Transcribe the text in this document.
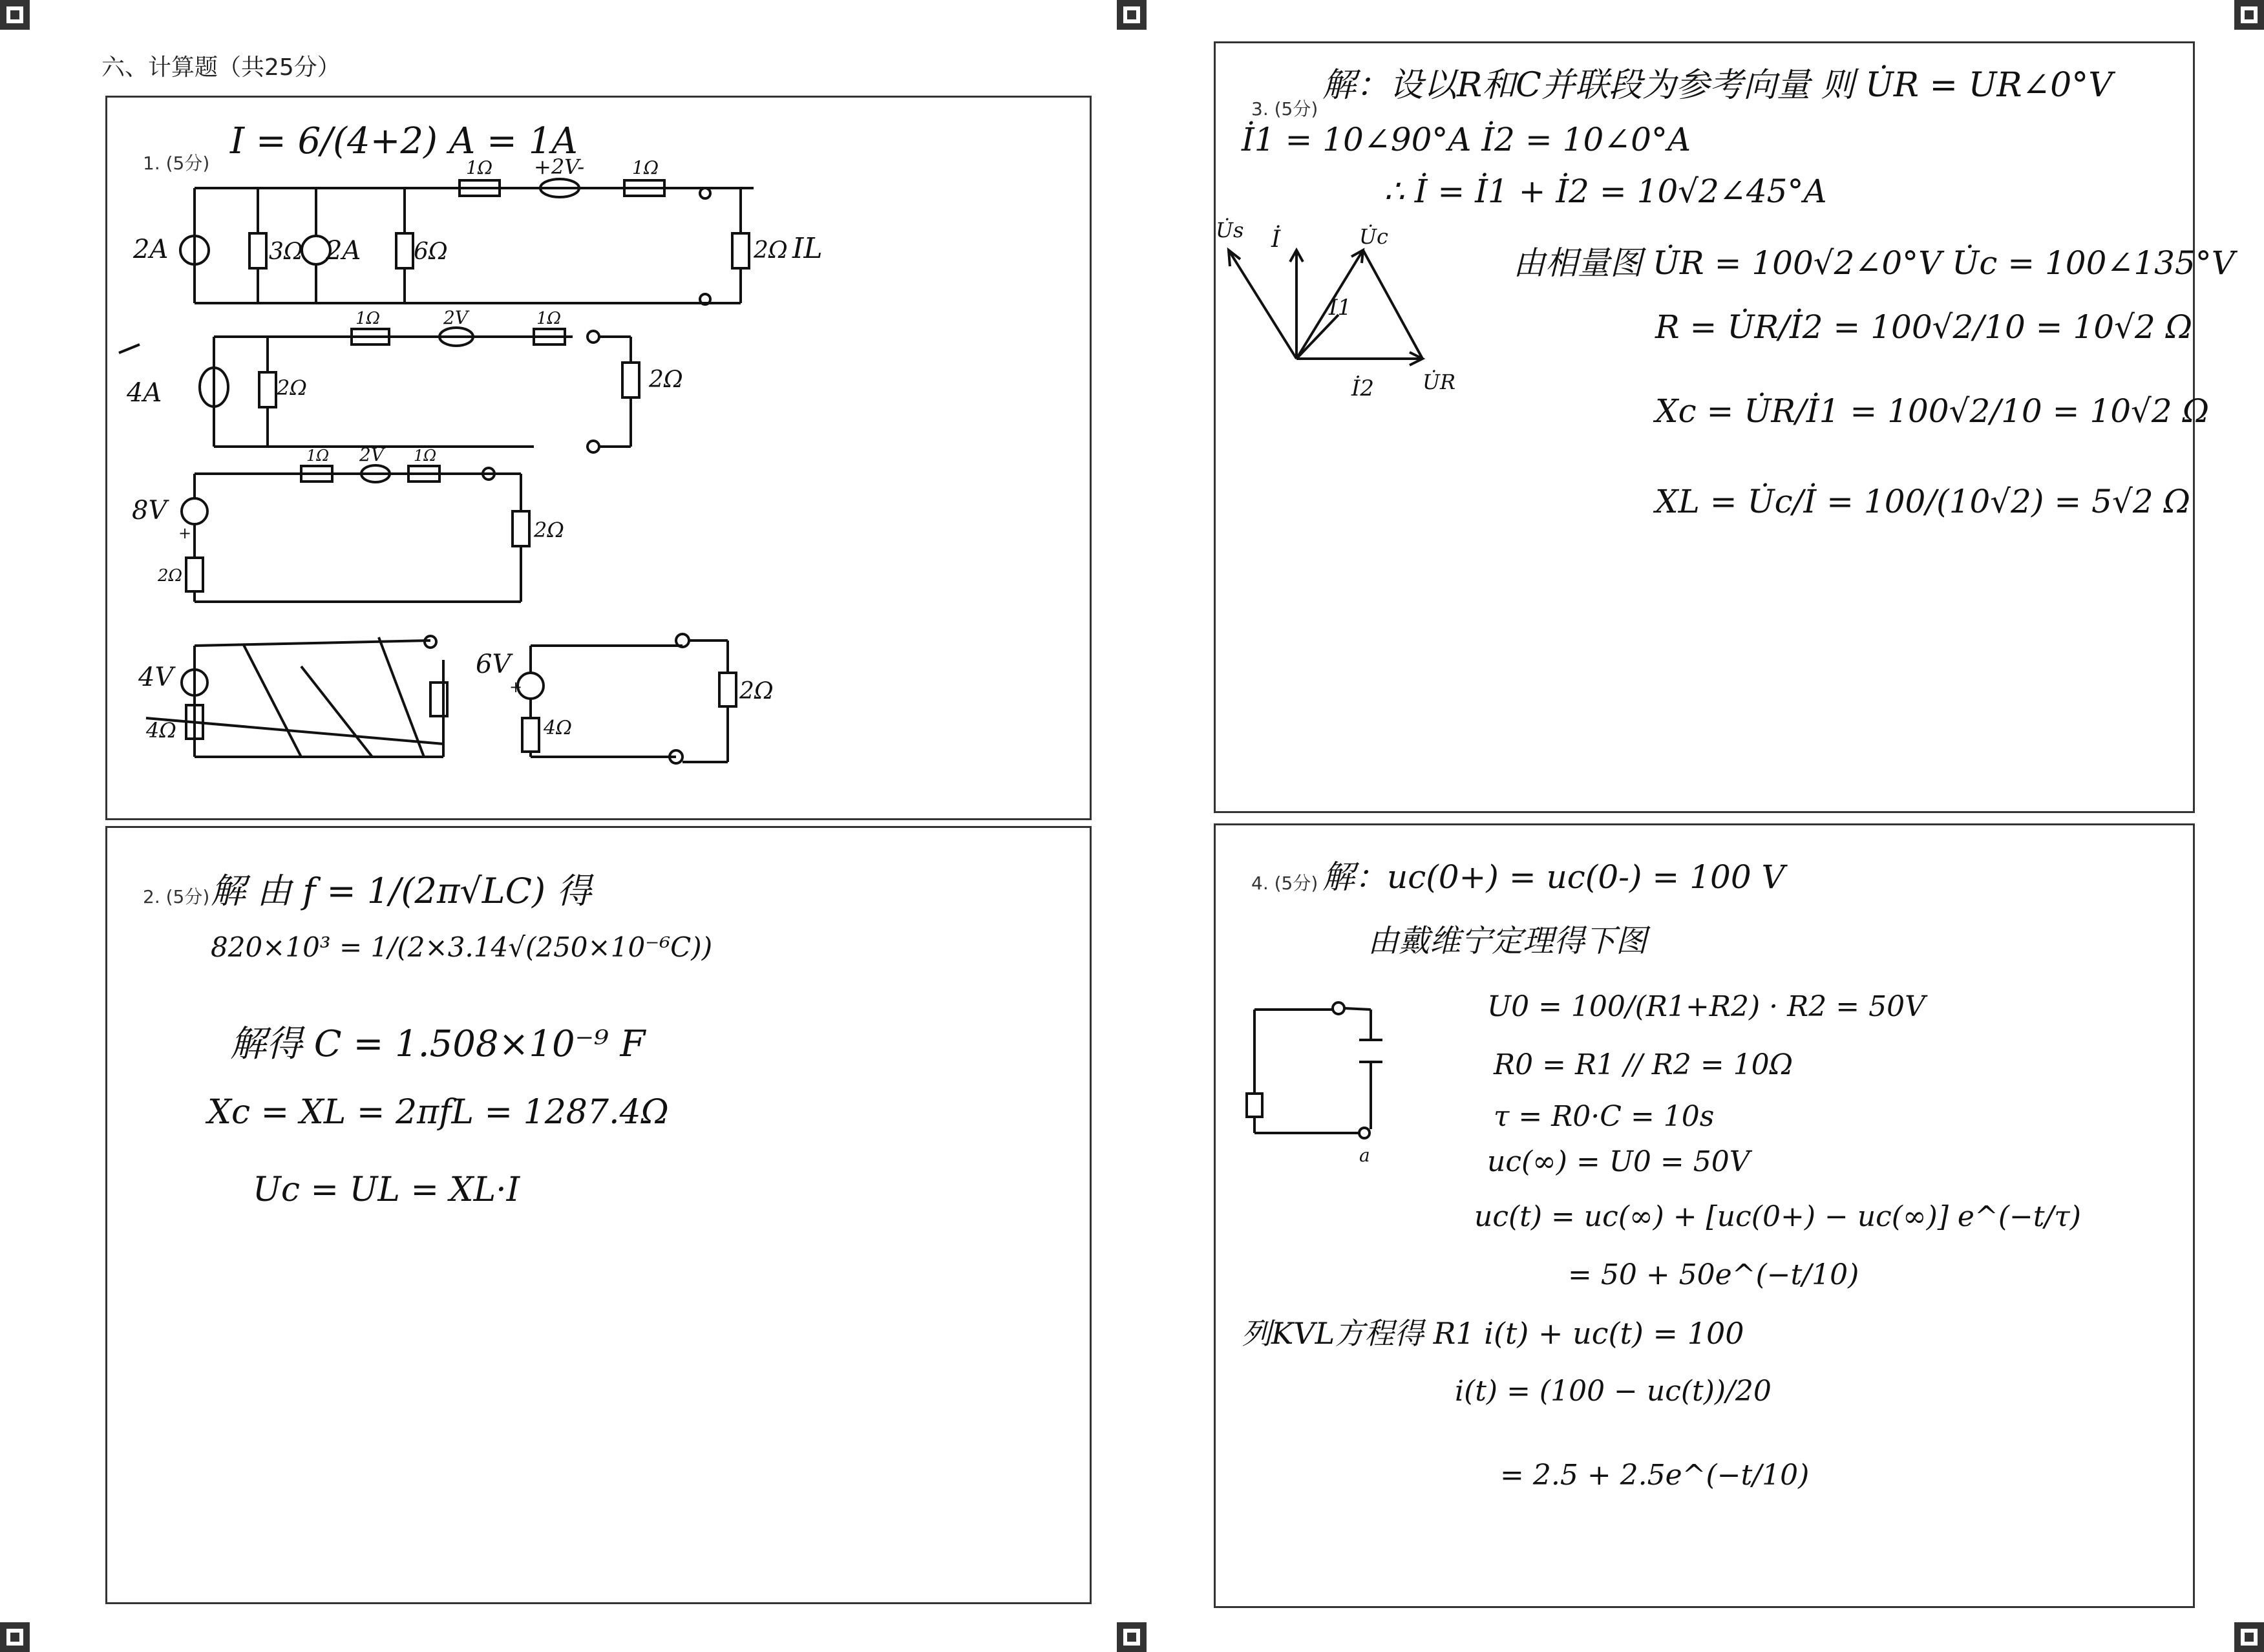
六、计算题（共25分）
1. (5分)
I = 6/(4+2) A = 1A
2A	3Ω 2A 6Ω
1Ω +2V-	1Ω
2Ω IL
4A	2Ω
1Ω	2V	1Ω
2Ω
8V
+
2Ω
1Ω 2V 1Ω
2Ω
4V
4Ω
6V
+
4Ω
2Ω
2. (5分) 解 由 f = 1/(2π√LC) 得
820×10³ = 1/(2×3.14√(250×10⁻⁶C))
解得 C = 1.508×10⁻⁹ F
Xc = XL = 2πfL = 1287.4Ω
Uc = UL = XL·I
3. (5分)
解：设以R和C并联段为参考向量 则 U̇R = UR∠0°V
İ1 = 10∠90°A İ2 = 10∠0°A
∴ İ = İ1 + İ2 = 10√2∠45°A
由相量图 U̇R = 100√2∠0°V U̇c = 100∠135°V
R = U̇R/İ2 = 100√2/10 = 10√2 Ω
Xc = U̇R/İ1 = 100√2/10 = 10√2 Ω
XL = U̇c/İ = 100/(10√2) = 5√2 Ω
U̇s İ	U̇c
İ1
İ2 U̇R
4. (5分) 解：uc(0+) = uc(0-) = 100 V
由戴维宁定理得下图
U0 = 100/(R1+R2) · R2 = 50V
R0 = R1 // R2 = 10Ω
τ = R0·C = 10s
uc(∞) = U0 = 50V
uc(t) = uc(∞) + [uc(0+) − uc(∞)] e^(−t/τ)
= 50 + 50e^(−t/10)
列KVL方程得 R1 i(t) + uc(t) = 100
i(t) = (100 − uc(t))/20
= 2.5 + 2.5e^(−t/10)
a
